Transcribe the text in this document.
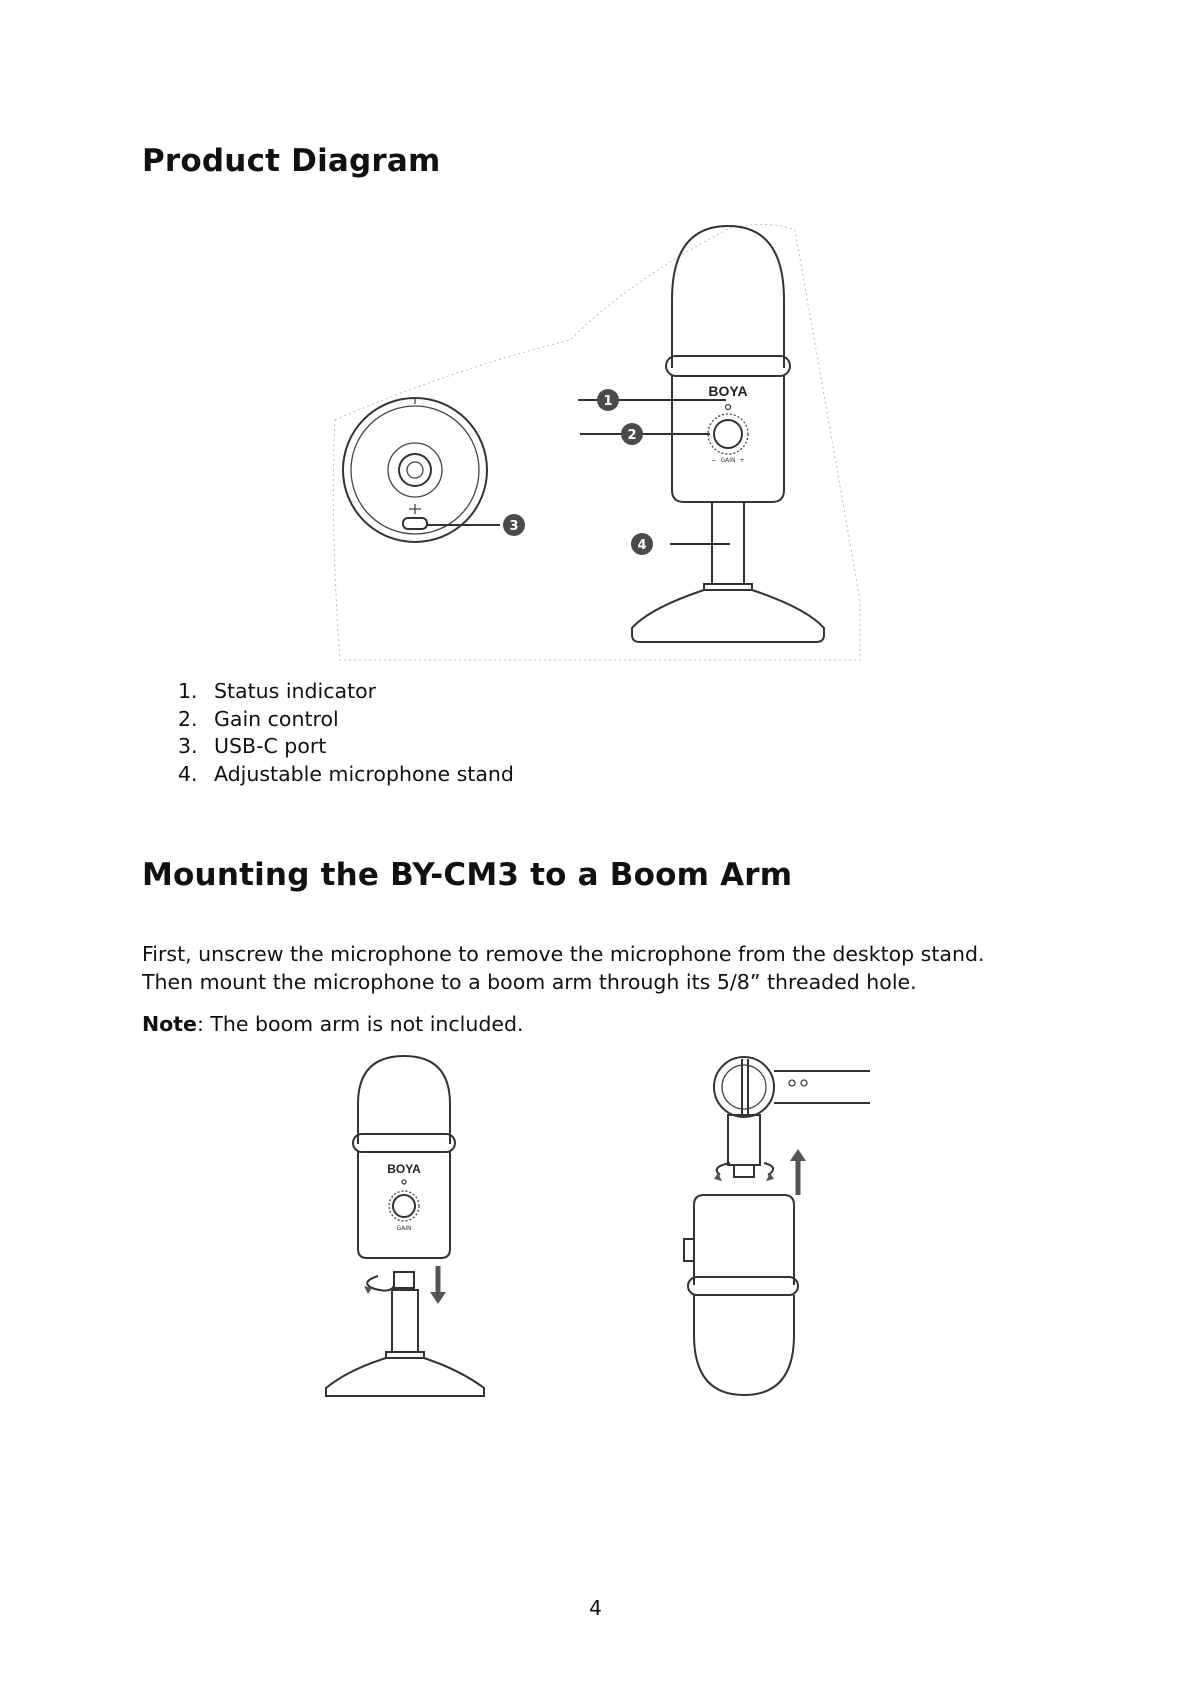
Product Diagram
BOYA
− GAIN +
1
2
3
4
1. Status indicator
2. Gain control
3. USB-C port
4. Adjustable microphone stand
Mounting the BY-CM3 to a Boom Arm

First, unscrew the microphone to remove the microphone from the desktop stand. Then mount the microphone to a boom arm through its 5/8” threaded hole.

Note: The boom arm is not included.

BOYA
GAIN
4
